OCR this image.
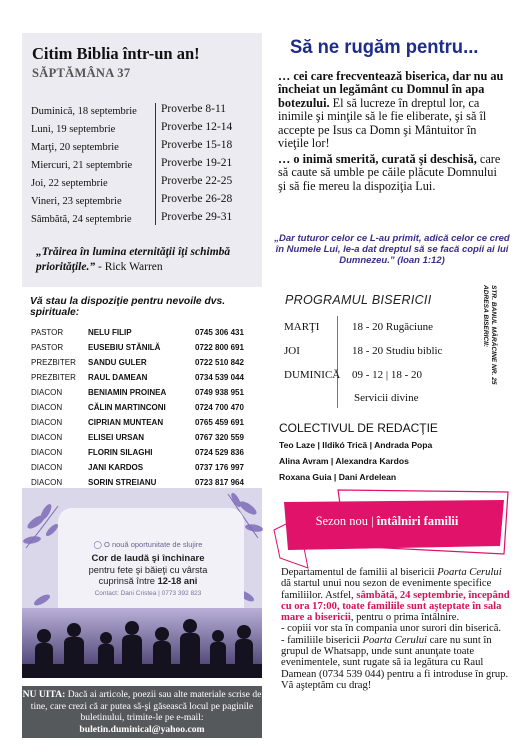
Citim Biblia într-un an!
SĂPTĂMÂNA 37
Duminică, 18 septembrie Proverbe 8-11
Luni, 19 septembrie	Proverbe 12-14
Marţi, 20 septembrie	Proverbe 15-18
Miercuri, 21 septembrie	Proverbe 19-21
Joi, 22 septembrie	Proverbe 22-25
Vineri, 23 septembrie	Proverbe 26-28
Sâmbătă, 24 septembrie	Proverbe 29-31
„Trăirea în lumina eternităţii îţi schimbă priorităţile.” - Rick Warren
Vă stau la dispoziţie pentru nevoile dvs. spirituale:
PASTOR	NELU FILIP	0745 306 431
PASTOR	EUSEBIU STĂNILĂ	0722 800 691
PREZBITER SANDU GULER	0722 510 842
PREZBITER RAUL DAMEAN	0734 539 044
DIACON	BENIAMIN PROINEA	0749 938 951
DIACON	CĂLIN MARTINCONI	0724 700 470
DIACON	CIPRIAN MUNTEAN	0765 459 691
DIACON	ELISEI URSAN	0767 320 559
DIACON	FLORIN SILAGHI	0724 529 836
DIACON	JANI KARDOS	0737 176 997
DIACON	SORIN STREIANU	0723 817 964
◯ O nouă oportunitate de slujire
Cor de laudă şi închinare
pentru fete şi băieţi cu vârsta
cuprinsă între 12-18 ani
Contact: Dani Cristea | 0773 392 823
NU UITA: Dacă ai articole, poezii sau alte materiale scrise de tine, care crezi că ar putea să-şi găsească locul pe paginile buletinului, trimite-le pe e-mail:
buletin.duminical@yahoo.com
Să ne rugăm pentru...
… cei care frecventează biserica, dar nu au încheiat un legământ cu Domnul în apa botezului. El să lucreze în dreptul lor, ca inimile şi minţile să le fie eliberate, şi să îl accepte pe Isus ca Domn şi Mântuitor în vieţile lor!
… o inimă smerită, curată şi deschisă, care să caute să umble pe căile plăcute Domnului şi să fie mereu la dispoziţia Lui.
„Dar tuturor celor ce L-au primit, adică celor ce cred în Numele Lui, le-a dat dreptul să se facă copii ai lui Dumnezeu.” (Ioan 1:12)
PROGRAMUL BISERICII
MARŢI	18 - 20 Rugăciune
JOI	18 - 20 Studiu biblic
DUMINICĂ 09 - 12 | 18 - 20
Servicii divine
ADRESA BISERICII: STR. BANUL MĂRĂCINE NR. 25
COLECTIVUL DE REDACŢIE
Teo Laze | Ildikó Trică | Andrada Popa
Alina Avram | Alexandra Kardos
Roxana Guia | Dani Ardelean
Sezon nou | întâlniri familii
Departamentul de familii al bisericii Poarta Cerului dă startul unui nou sezon de evenimente specifice familiilor. Astfel, sâmbătă, 24 septembrie, începând cu ora 17:00, toate familiile sunt aşteptate în sala mare a bisericii, pentru o prima întâlnire.
- copiii vor sta în compania unor surori din biserică.
- familiile bisericii Poarta Cerului care nu sunt în grupul de Whatsapp, unde sunt anunţate toate evenimentele, sunt rugate să ia legătura cu Raul Damean (0734 539 044) pentru a fi introduse în grup. Vă aşteptăm cu drag!
